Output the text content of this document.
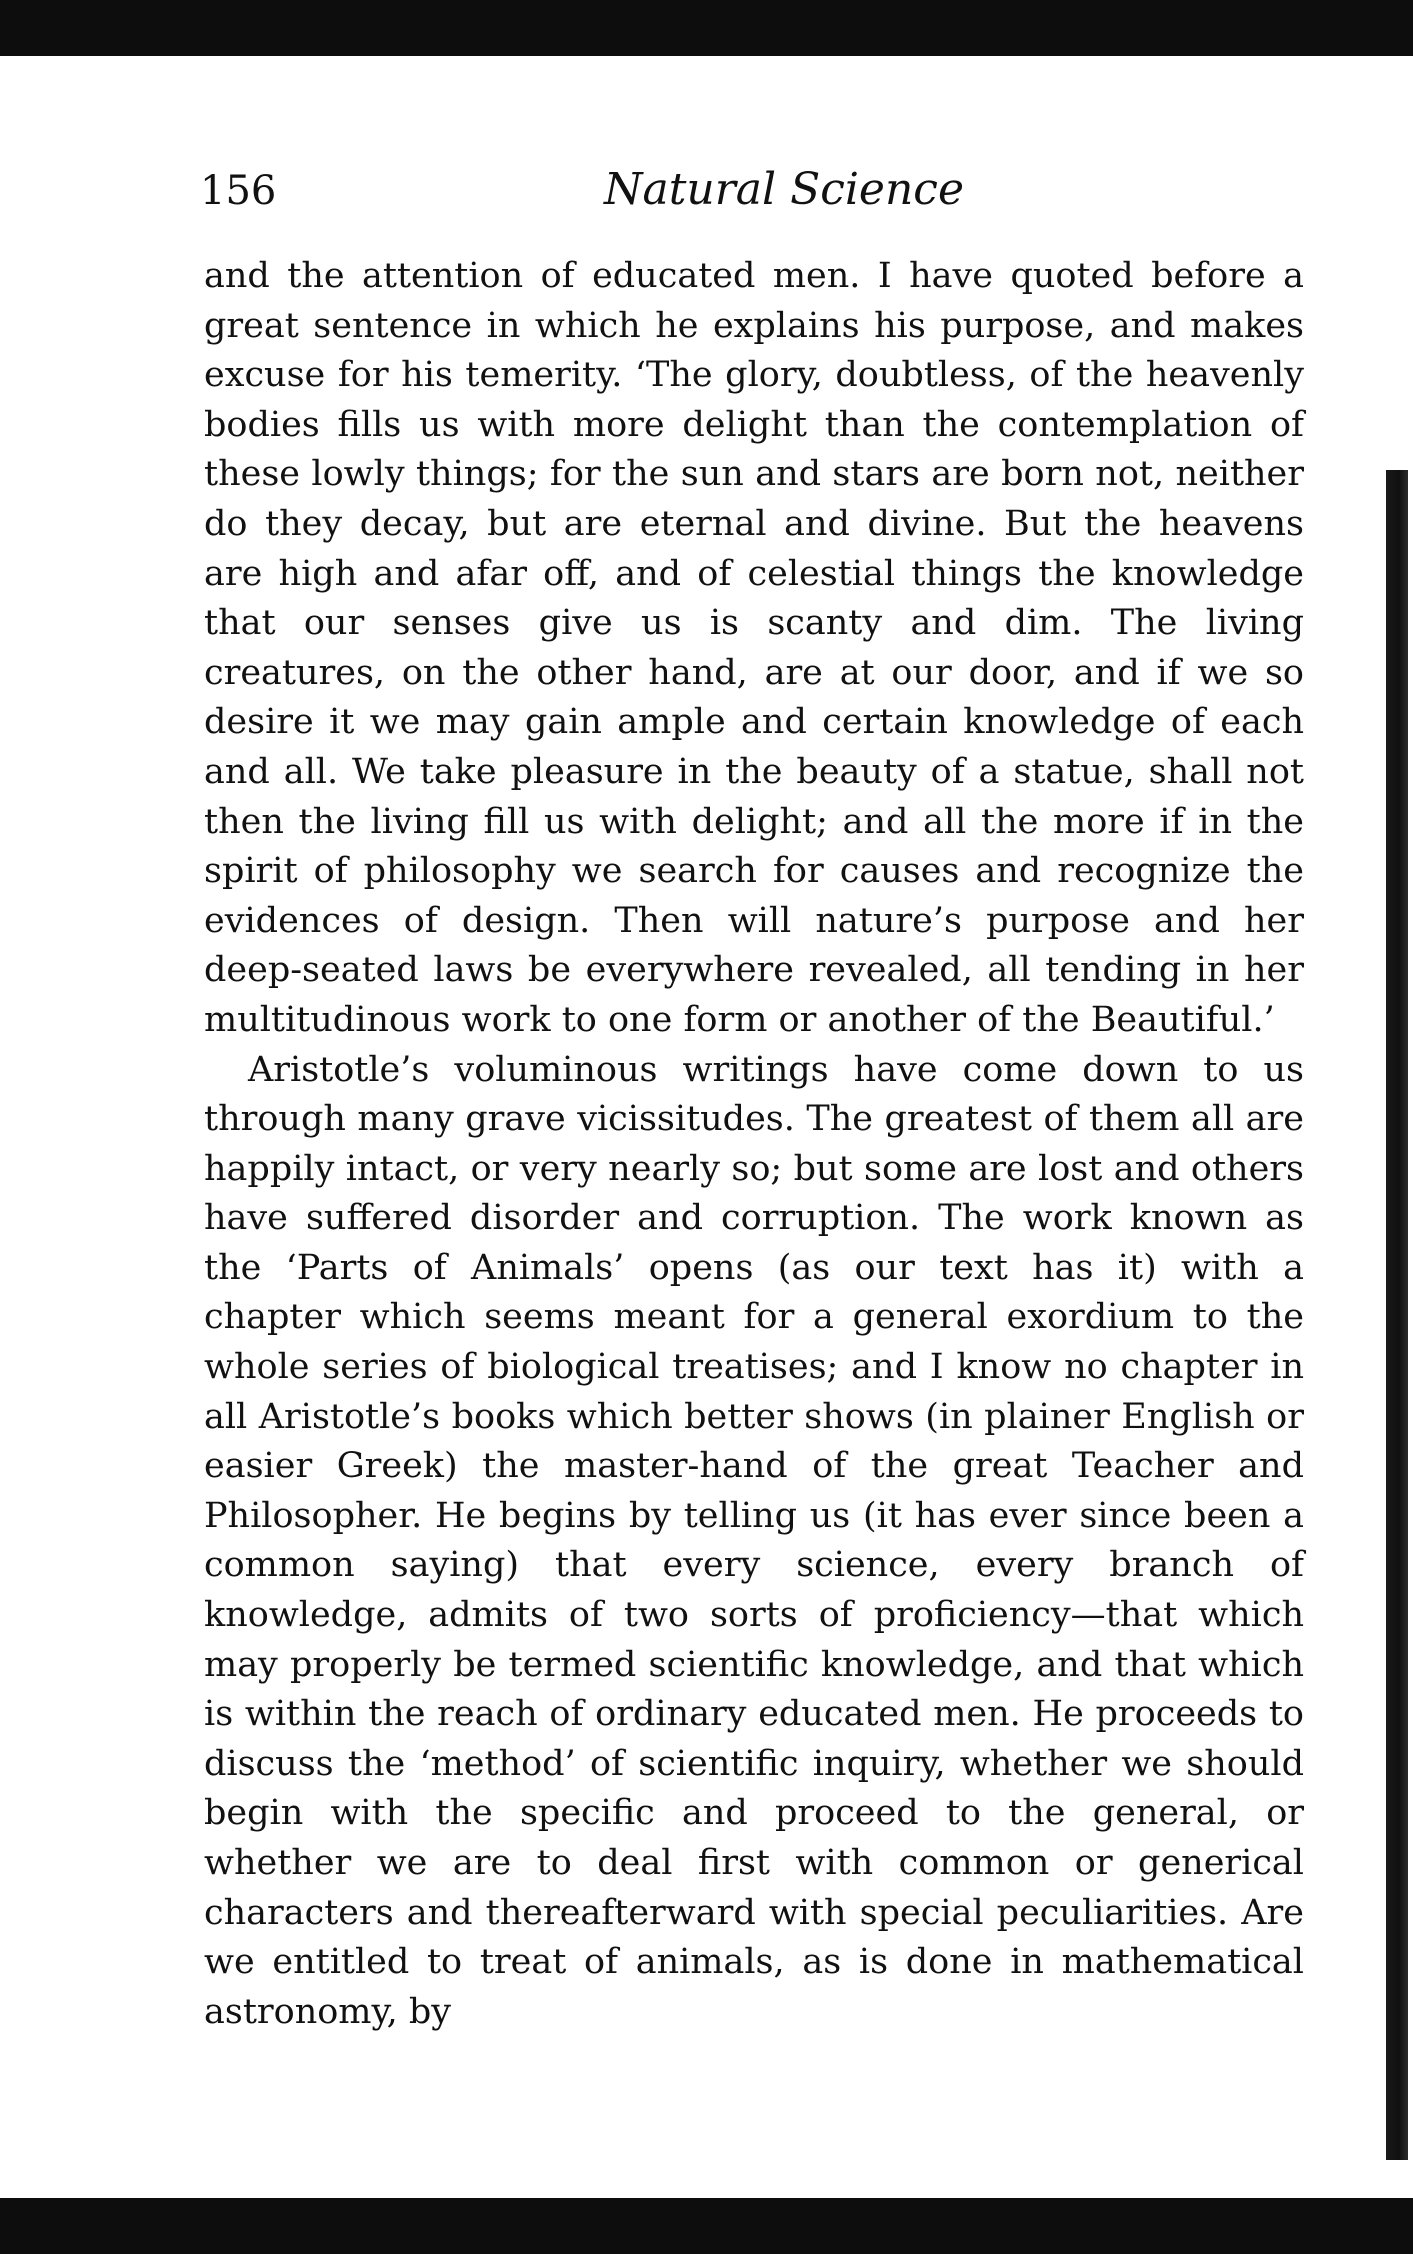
156	Natural Science

and the attention of educated men. I have quoted before a great sentence in which he explains his purpose, and makes excuse for his temerity. ‘The glory, doubtless, of the heavenly bodies fills us with more delight than the contemplation of these lowly things; for the sun and stars are born not, neither do they decay, but are eternal and divine. But the heavens are high and afar off, and of celestial things the knowledge that our senses give us is scanty and dim. The living creatures, on the other hand, are at our door, and if we so desire it we may gain ample and certain knowledge of each and all. We take pleasure in the beauty of a statue, shall not then the living fill us with delight; and all the more if in the spirit of philosophy we search for causes and recognize the evidences of design. Then will nature’s purpose and her deep-seated laws be everywhere revealed, all tending in her multitudinous work to one form or another of the Beautiful.’

Aristotle’s voluminous writings have come down to us through many grave vicissitudes. The greatest of them all are happily intact, or very nearly so; but some are lost and others have suffered disorder and corruption. The work known as the ‘Parts of Animals’ opens (as our text has it) with a chapter which seems meant for a general exordium to the whole series of biological treatises; and I know no chapter in all Aristotle’s books which better shows (in plainer English or easier Greek) the master-hand of the great Teacher and Philosopher. He begins by telling us (it has ever since been a common saying) that every science, every branch of knowledge, admits of two sorts of proficiency—that which may properly be termed scientific knowledge, and that which is within the reach of ordinary educated men. He proceeds to discuss the ‘method’ of scientific inquiry, whether we should begin with the specific and proceed to the general, or whether we are to deal first with common or generical characters and thereafterward with special peculiarities. Are we entitled to treat of animals, as is done in mathematical astronomy, by
